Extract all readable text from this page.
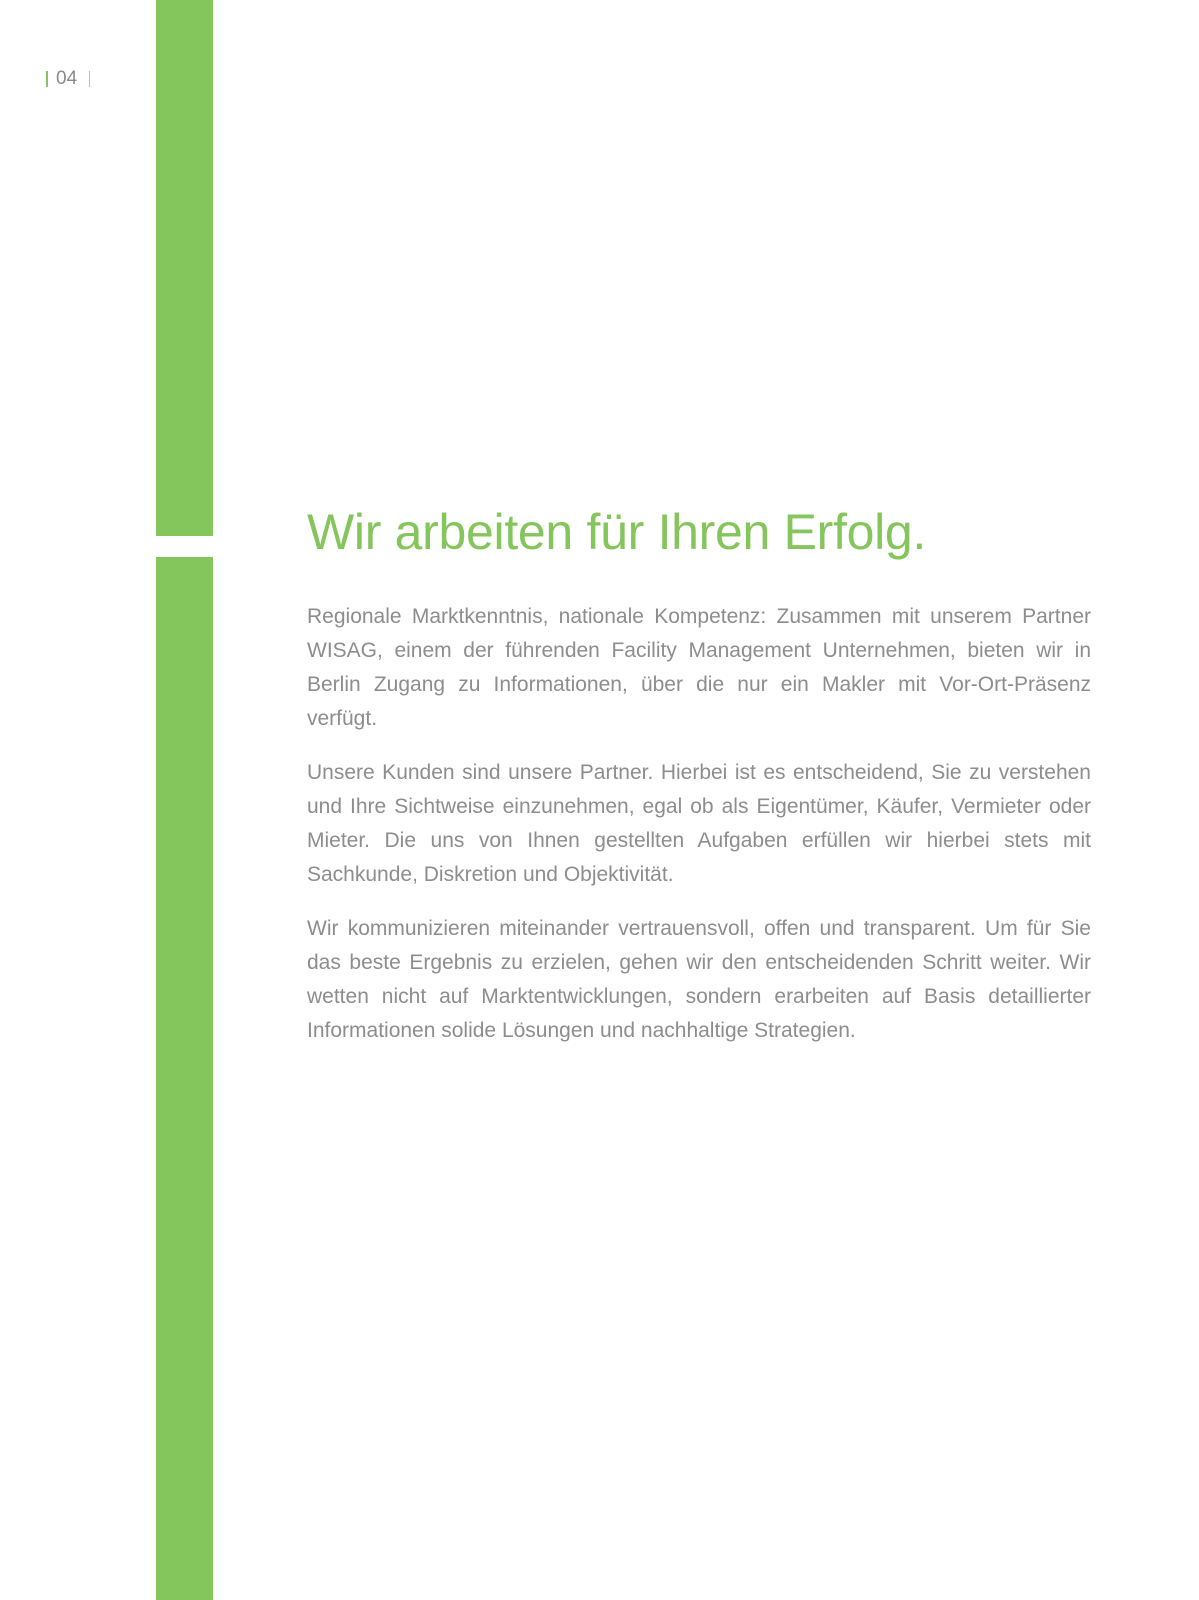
04
Wir arbeiten für Ihren Erfolg.

Regionale Marktkenntnis, nationale Kompetenz: Zusammen mit unserem Partner WISAG, einem der führenden Facility Management Unternehmen, bieten wir in Berlin Zugang zu Informationen, über die nur ein Makler mit Vor-Ort-Präsenz verfügt.

Unsere Kunden sind unsere Partner. Hierbei ist es entscheidend, Sie zu verstehen und Ihre Sichtweise einzunehmen, egal ob als Eigentümer, Käufer, Vermieter oder Mieter. Die uns von Ihnen gestellten Aufgaben erfüllen wir hierbei stets mit Sachkunde, Diskretion und Objektivität.

Wir kommunizieren miteinander vertrauensvoll, offen und transparent. Um für Sie das beste Ergebnis zu erzielen, gehen wir den entscheidenden Schritt weiter. Wir wetten nicht auf Marktentwicklungen, sondern erarbeiten auf Basis detaillierter Informationen solide Lösungen und nachhaltige Strategien.
